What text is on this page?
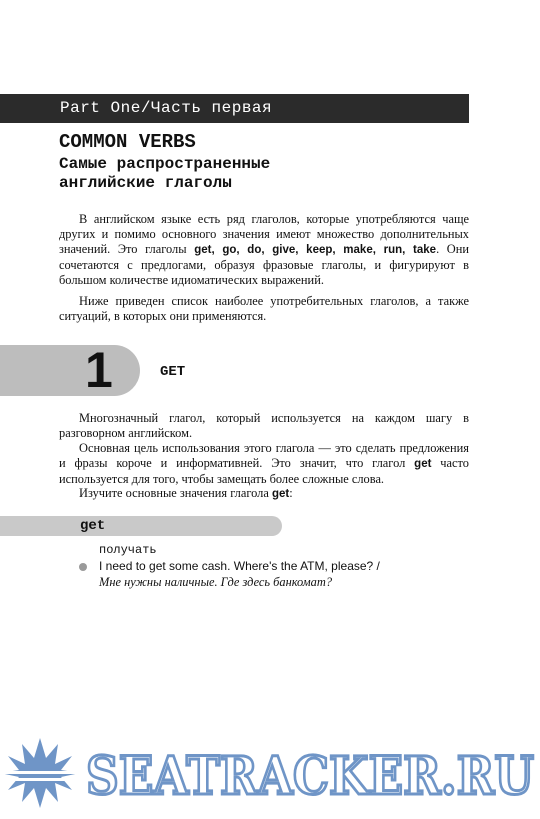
Part One/Часть первая
COMMON VERBS
Самые распространенные
английские глаголы

В английском языке есть ряд глаголов, которые употребляются чаще других и помимо основного значения имеют множество дополнительных значений. Это глаголы get, go, do, give, keep, make, run, take. Они сочетаются с предлогами, образуя фразовые глаголы, и фигурируют в большом количестве идиоматических выражений.

Ниже приведен список наиболее употребительных глаголов, а также ситуаций, в которых они применяются.

1	GET

Многозначный глагол, который используется на каждом шагу в разговорном английском.

Основная цель использования этого глагола — это сделать предложения и фразы короче и информативней. Это значит, что глагол get часто используется для того, чтобы замещать более сложные слова.

Изучите основные значения глагола get:

get
получать
I need to get some cash. Where's the ATM, please? /
Мне нужны наличные. Где здесь банкомат?
SEATRACKER.RU
